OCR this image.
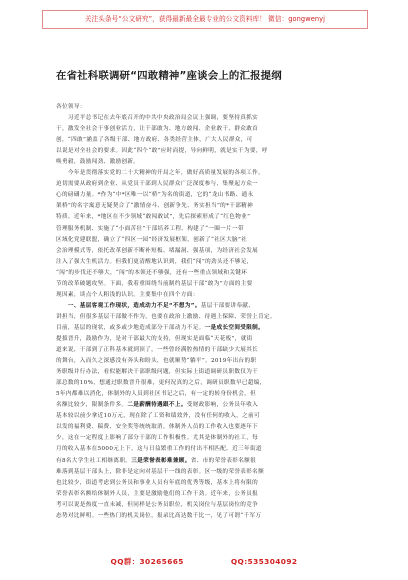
关注头条号“公文研究”，获得最新最全最专业的公文资料库！ 微信：gongwenyj
在省社科联调研“四敢精神”座谈会上的汇报提纲
各位领导：
　　习近平总书记在去年底召开的中共中央政治局会议上强调，要坚持真抓实
干，激发全社会干事创业活力，让干部敢为、地方敢闯、企业敢干、群众敢首
创，“四敢”涵盖了各级干部、地方政府、各类经营主体，广大人民群众，可
以说是对全社会的要求。因此“四个“敢”应时而提，导向鲜明，就是实干为要，呼
唤勇毅，鼓励闯劲、激励创新。
　　今年是贯彻落实党的二十大精神的开局之年，做好高质量发展的各项工作，
迫切需要从政府到企业、从党员干部到人民群众广泛深度参与，集聚起方众一
心的磅礴力量。*作为“中*区唯一以“桥”为名的街道，它的“龙山书路、通永
架桥”的名字寓意无疑契合了“激情奋斗、创新争先、务实担当”的*干部精神
特质。近年来，*地区在不少领域“敢闯敢试”，先后探索形成了“红色物业”
管理服务机制、实施了“小面苦壮”干部培养工程、构建了“一圈一片一带
区域化党建联盟，确立了“四区一园”经济发展框架，创新了“社区大脑”社
会治理模式等，依托改革创新不断补短板、堵漏洞、强基项，为经济社会发展
注入了强大生机活力。但我们更清醒地认识到，我们“闯”的劲头还不够足，
“闯”的步伐还不够大，“闯”的本领还不够强，还有一些重点领域和关键环
节的改革破题攻坚。下面，我着重围绕当前制约基层干部“敢为”方面的主要
现因素，谈点个人粗浅的认识。主要集中在四个方面：
　　一、基层客观工作现状，造成动力不足“不想为”。基层干部要讲奉献、
讲担当，但很多基层干部做不作为，也要在政治上激励、待遇上保障、荣誉上肯定。
目前，基层的现状，或多或少地造成部分干部动力不足。一是成长空间受限制。
提拔晋升，鼓励作为，是对干部最大的支持，但现实是面临“天花板”，就街
道来说，干部到了正科基本就到顶了，一些曾经满腔热情的干部缺少大展其长
的舞台，入而久之深感没有奔头和盼头，也就顺势“躺平”。2019年出台的职
务职级并行办法，看似能解决干部职级问题，但实际上街道调研员职数仅为干
部总数的10%，想通过职数晋升很难，更何况真的之后，调研员职数早已超编，
5年内都难以消化，体制外的人员到社区书记之后，有一定的转身份机会，但
名额比较少，限制条件多。二是薪酬待遇跟不上。受财政影响，公务员年收入
基本较以前少拿近10万元，现在除了工资和绩效外，没有任何的收入，之前可
以发的福利费、稿费、安全奖等统统取消，体制外人员的工作收入也要逐年下
少，这在一定程度上影响了部分干部的工作积极性。尤其是体制外的社工，每
月的收入基本在5000元上下，这与日益繁重工作的付出不相匹配。近三年街道
有8名大学生社工相继离职。三是荣誉表彰难兼顾。省、市的荣誉表彰名额很
难落到基层干部头上，除非是定向对基层干一线的表彰。区一级的荣誉表彰名额
也比较少，街道考虑到公务员和事业人员有年底的优秀等级，基本上将有限的
荣誉表彰名额给体制外人员，主要是激励他们的工作干劲。近年来，公务员报
考可以说是热度一直未减，但同样是公务员职位，机关岗位与基层岗位的竞争
态势对比鲜明。一些热门的机关岗位，报录比高达数千比一，见了可谓“千军万
QQ群：30265665	QQ:535304092
